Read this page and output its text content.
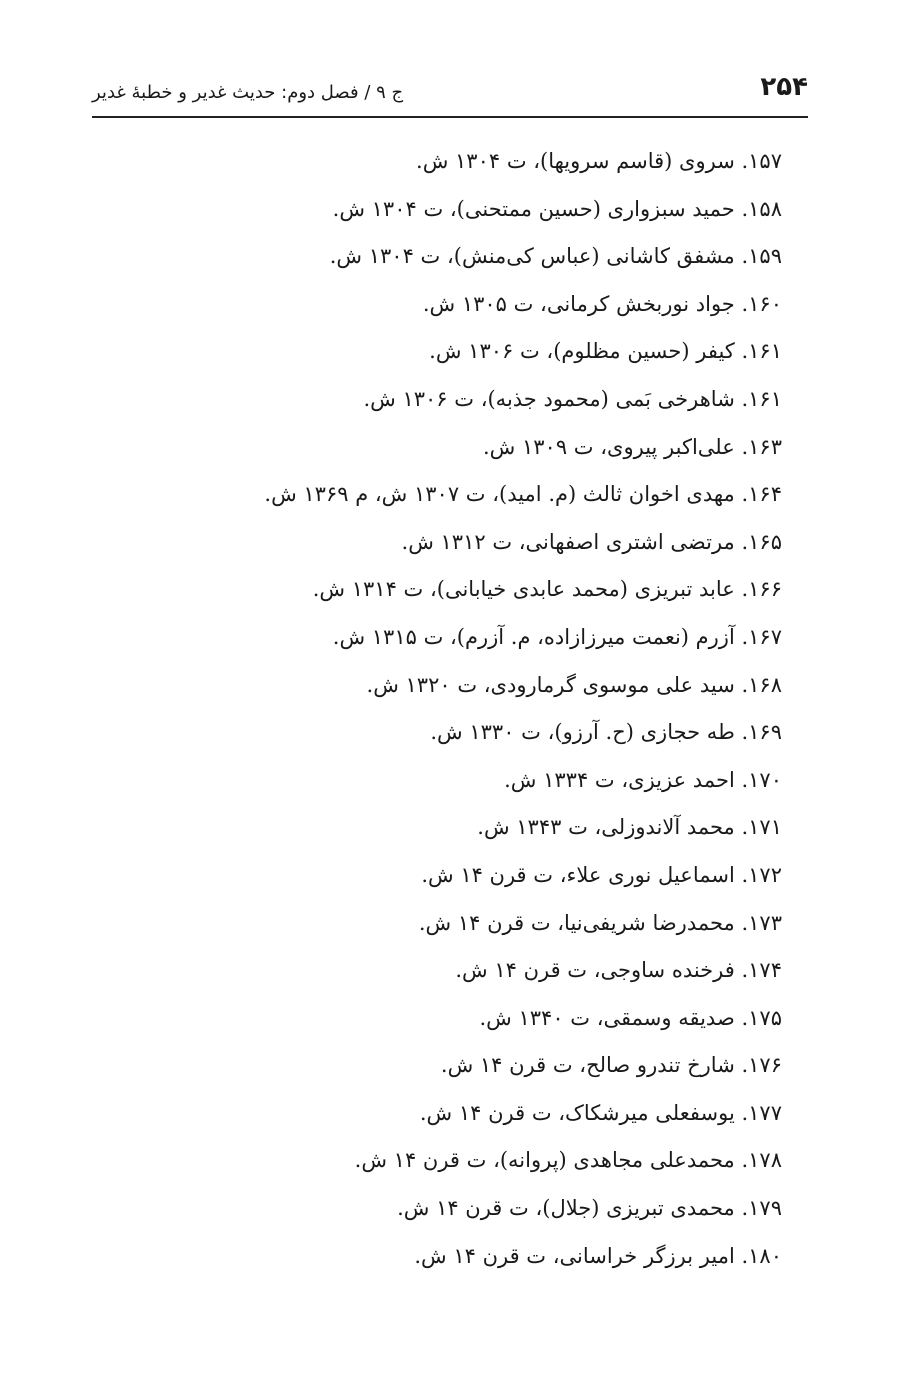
۲۵۴
ج ۹ / فصل دوم: حدیث غدیر و خطبهٔ غدیر
۱۵۷. سروی (قاسم سرویها)، ت ۱۳۰۴ ش.
۱۵۸. حمید سبزواری (حسین ممتحنی)، ت ۱۳۰۴ ش.
۱۵۹. مشفق کاشانی (عباس کی‌منش)، ت ۱۳۰۴ ش.
۱۶۰. جواد نوربخش کرمانی، ت ۱۳۰۵ ش.
۱۶۱. کیفر (حسین مظلوم)، ت ۱۳۰۶ ش.
۱۶۱. شاهرخی بَمی (محمود جذبه)، ت ۱۳۰۶ ش.
۱۶۳. علی‌اکبر پیروی، ت ۱۳۰۹ ش.
۱۶۴. مهدی اخوان ثالث (م. امید)، ت ۱۳۰۷ ش، م ۱۳۶۹ ش.
۱۶۵. مرتضی اشتری اصفهانی، ت ۱۳۱۲ ش.
۱۶۶. عابد تبریزی (محمد عابدی خیابانی)، ت ۱۳۱۴ ش.
۱۶۷. آزرم (نعمت میرزازاده، م. آزرم)، ت ۱۳۱۵ ش.
۱۶۸. سید علی موسوی گرمارودی، ت ۱۳۲۰ ش.
۱۶۹. طه حجازی (ح. آرزو)، ت ۱۳۳۰ ش.
۱۷۰. احمد عزیزی، ت ۱۳۳۴ ش.
۱۷۱. محمد آلاندوزلی، ت ۱۳۴۳ ش.
۱۷۲. اسماعیل نوری علاء، ت قرن ۱۴ ش.
۱۷۳. محمدرضا شریفی‌نیا، ت قرن ۱۴ ش.
۱۷۴. فرخنده ساوجی، ت قرن ۱۴ ش.
۱۷۵. صدیقه وسمقی، ت ۱۳۴۰ ش.
۱۷۶. شارخ تندرو صالح، ت قرن ۱۴ ش.
۱۷۷. یوسفعلی میرشکاک، ت قرن ۱۴ ش.
۱۷۸. محمدعلی مجاهدی (پروانه)، ت قرن ۱۴ ش.
۱۷۹. محمدی تبریزی (جلال)، ت قرن ۱۴ ش.
۱۸۰. امیر برزگر خراسانی، ت قرن ۱۴ ش.
